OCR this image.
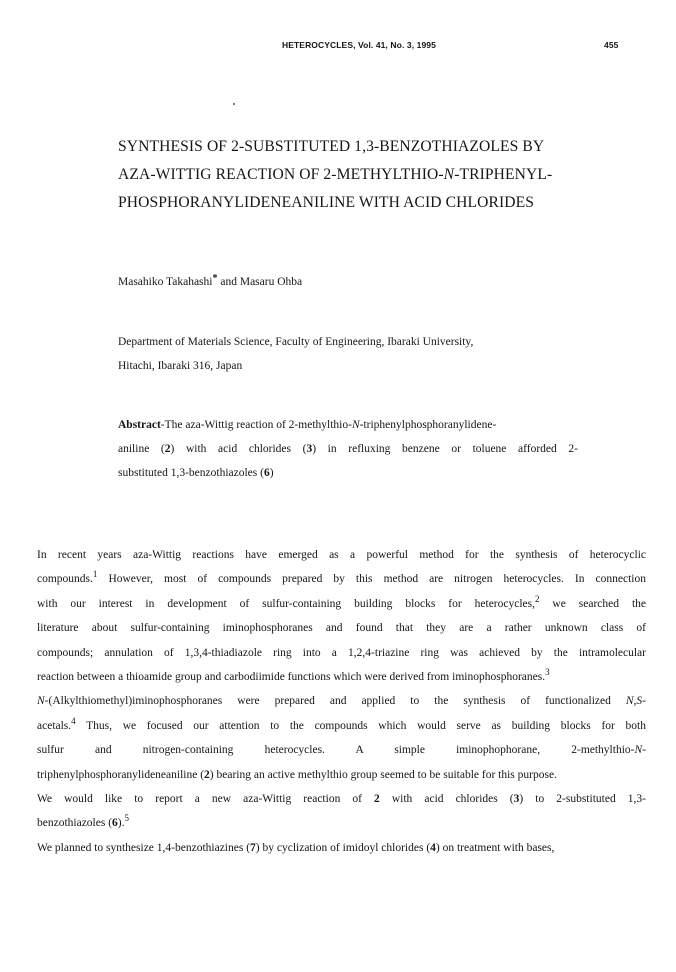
HETEROCYCLES, Vol. 41, No. 3, 1995	455
SYNTHESIS OF 2-SUBSTITUTED 1,3-BENZOTHIAZOLES BY
AZA-WITTIG REACTION OF 2-METHYLTHIO-N-TRIPHENYL-
PHOSPHORANYLIDENEANILINE WITH ACID CHLORIDES
Masahiko Takahashi* and Masaru Ohba
Department of Materials Science, Faculty of Engineering, Ibaraki University,
Hitachi, Ibaraki 316, Japan
Abstract-The aza-Wittig reaction of 2-methylthio-N-triphenylphosphoranylidene-
aniline (2) with acid chlorides (3) in refluxing benzene or toluene afforded 2-
substituted 1,3-benzothiazoles (6)
In recent years aza-Wittig reactions have emerged as a powerful method for the synthesis of heterocyclic
compounds.$^1$ However, most of compounds prepared by this method are nitrogen heterocycles. In connection
with our interest in development of sulfur-containing building blocks for heterocycles,$^2$ we searched the
literature about sulfur-containing iminophosphoranes and found that they are a rather unknown class of
compounds; annulation of 1,3,4-thiadiazole ring into a 1,2,4-triazine ring was achieved by the intramolecular
reaction between a thioamide group and carbodiimide functions which were derived from iminophosphoranes.$^3$
N-(Alkylthiomethyl)iminophosphoranes were prepared and applied to the synthesis of functionalized N,S-
acetals.$^4$ Thus, we focused our attention to the compounds which would serve as building blocks for both
sulfur and nitrogen-containing heterocycles. A simple iminophophorane, 2-methylthio-N-
triphenylphosphoranylideneaniline (2) bearing an active methylthio group seemed to be suitable for this purpose.
We would like to report a new aza-Wittig reaction of 2 with acid chlorides (3) to 2-substituted 1,3-
benzothiazoles (6).$^5$
We planned to synthesize 1,4-benzothiazines (7) by cyclization of imidoyl chlorides (4) on treatment with bases,
